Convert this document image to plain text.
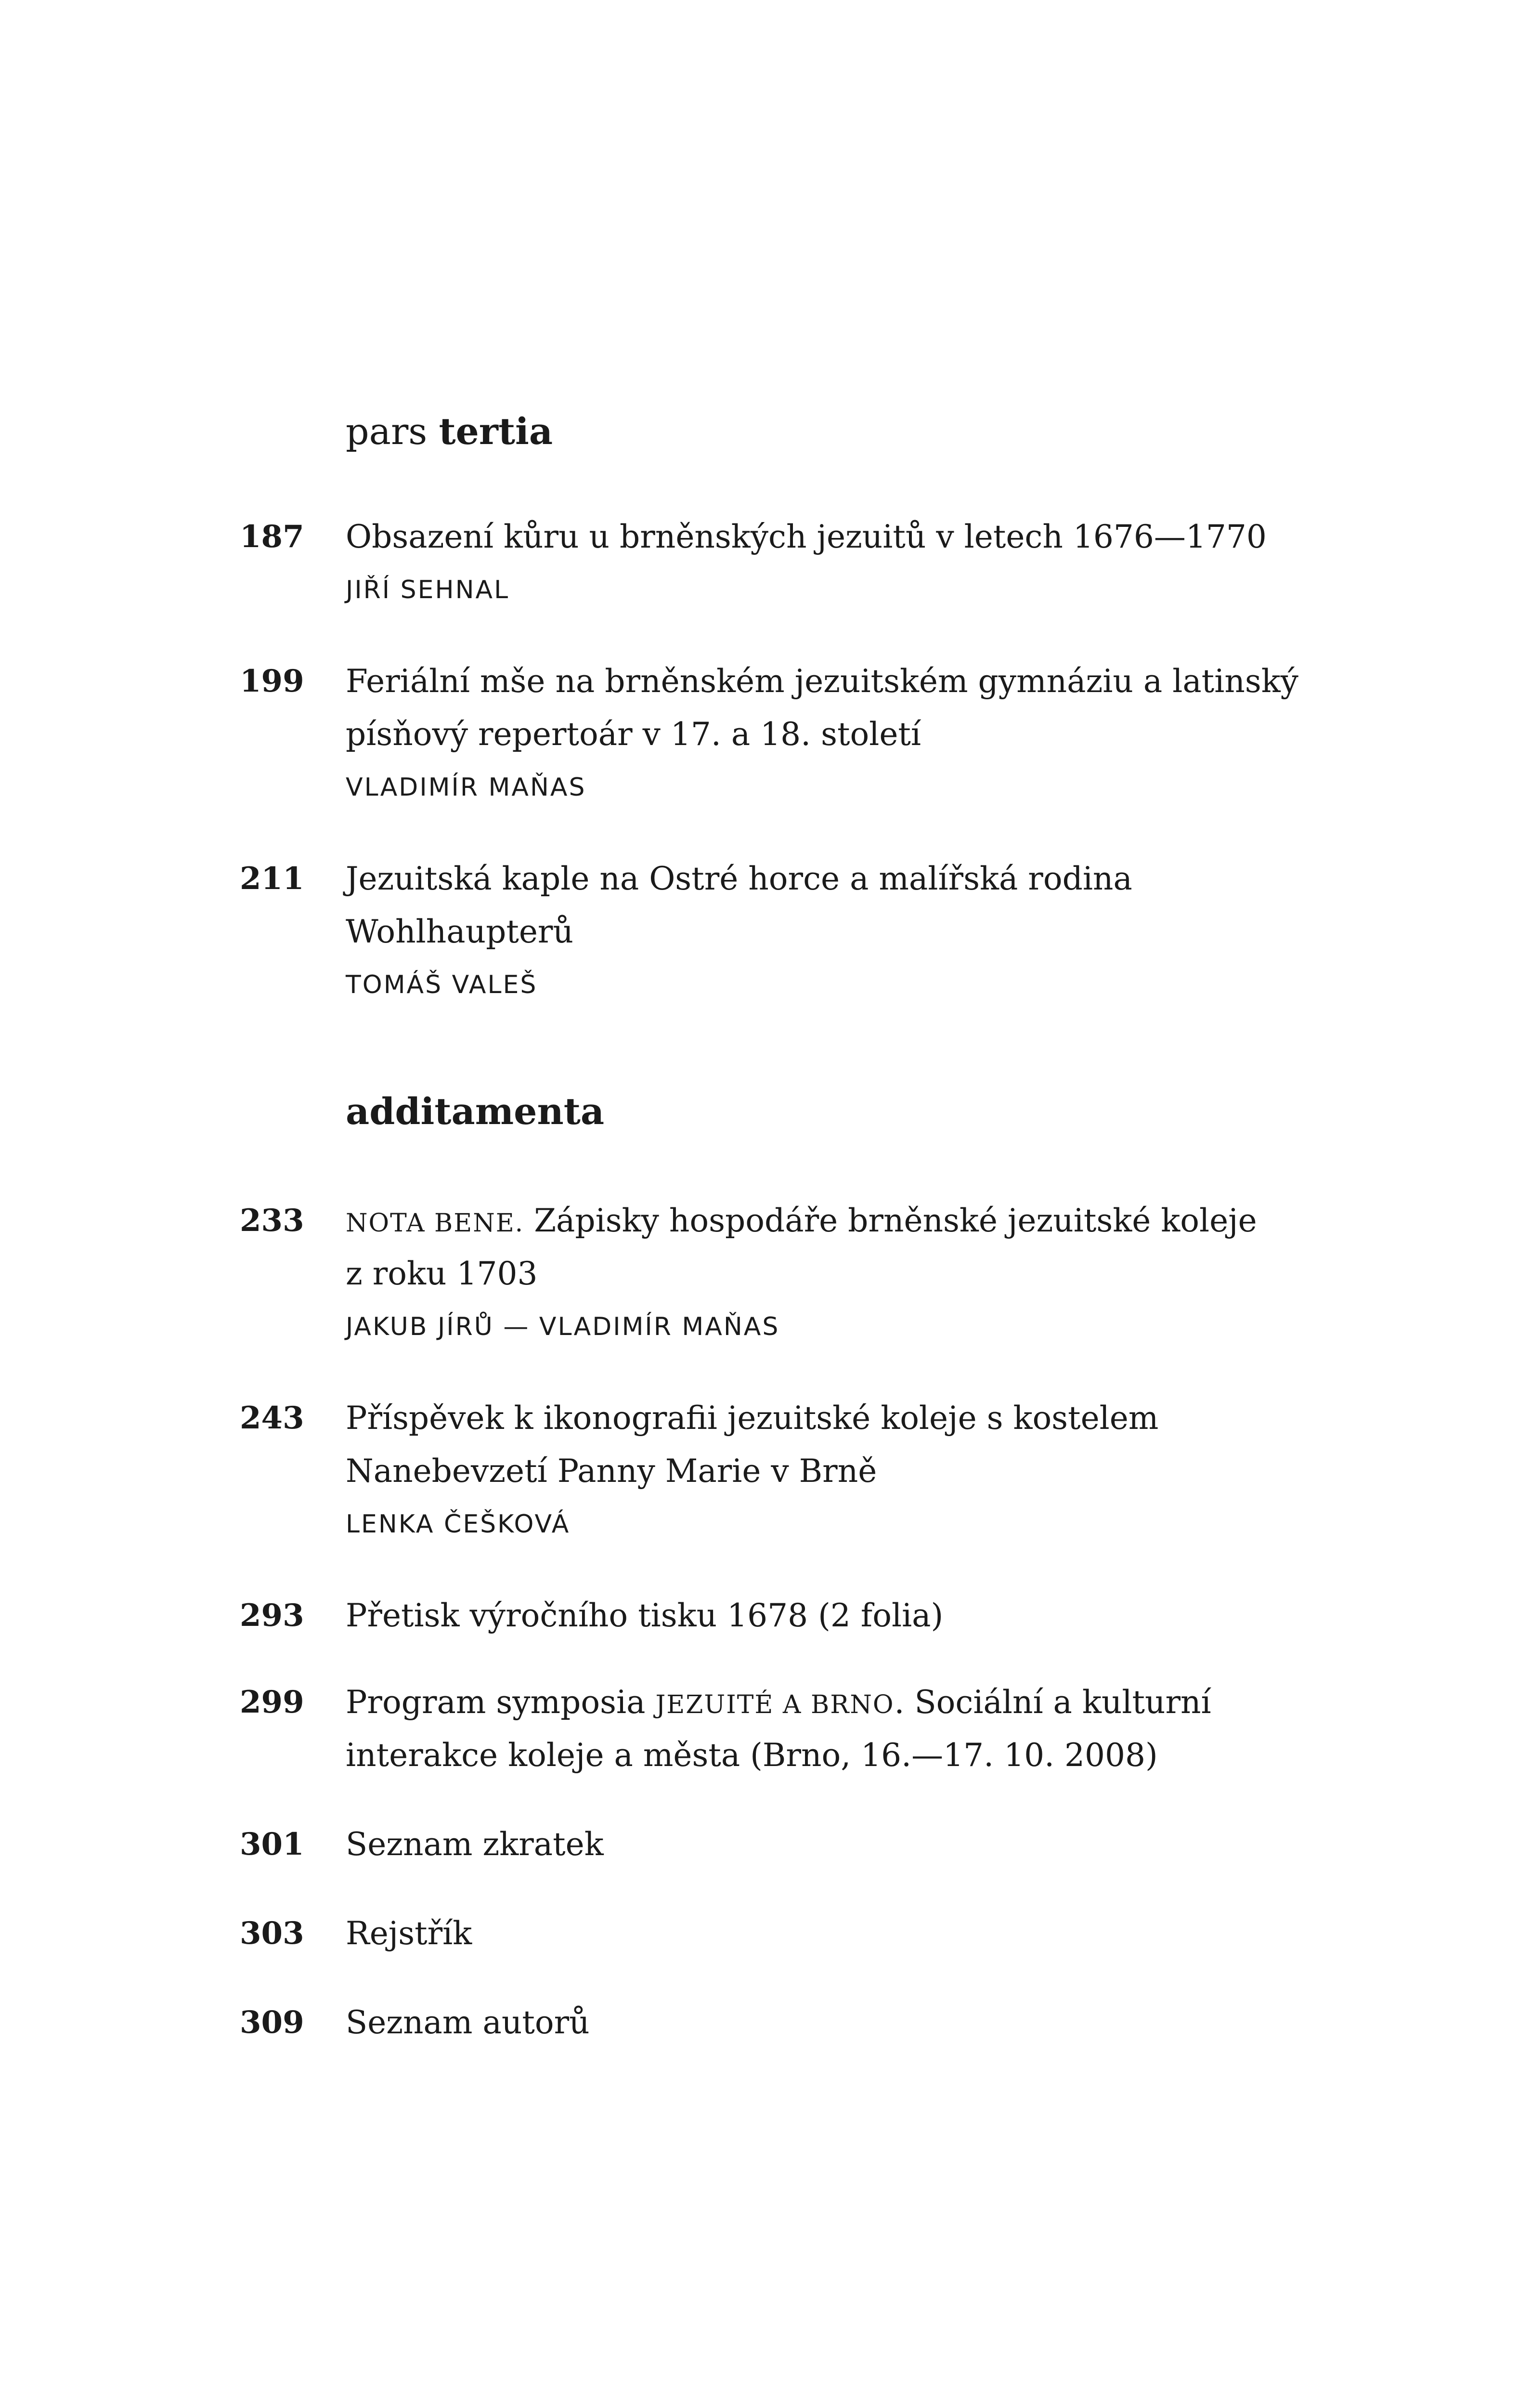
pars tertia
187 Obsazení kůru u brněnských jezuitů v letech 1676—1770
JIŘÍ SEHNAL
199 Feriální mše na brněnském jezuitském gymnáziu a latinský
písňový repertoár v 17. a 18. století
VLADIMÍR MAŇAS
211 Jezuitská kaple na Ostré horce a malířská rodina
Wohlhaupterů
TOMÁŠ VALEŠ
additamenta
233 NOTA BENE. Zápisky hospodáře brněnské jezuitské koleje
z roku 1703
JAKUB JÍRŮ — VLADIMÍR MAŇAS
243 Příspěvek k ikonografii jezuitské koleje s kostelem
Nanebevzetí Panny Marie v Brně
LENKA ČEŠKOVÁ
293 Přetisk výročního tisku 1678 (2 folia)
299 Program symposia JEZUITÉ A BRNO. Sociální a kulturní
interakce koleje a města (Brno, 16.—17. 10. 2008)
301 Seznam zkratek
303 Rejstřík
309 Seznam autorů
